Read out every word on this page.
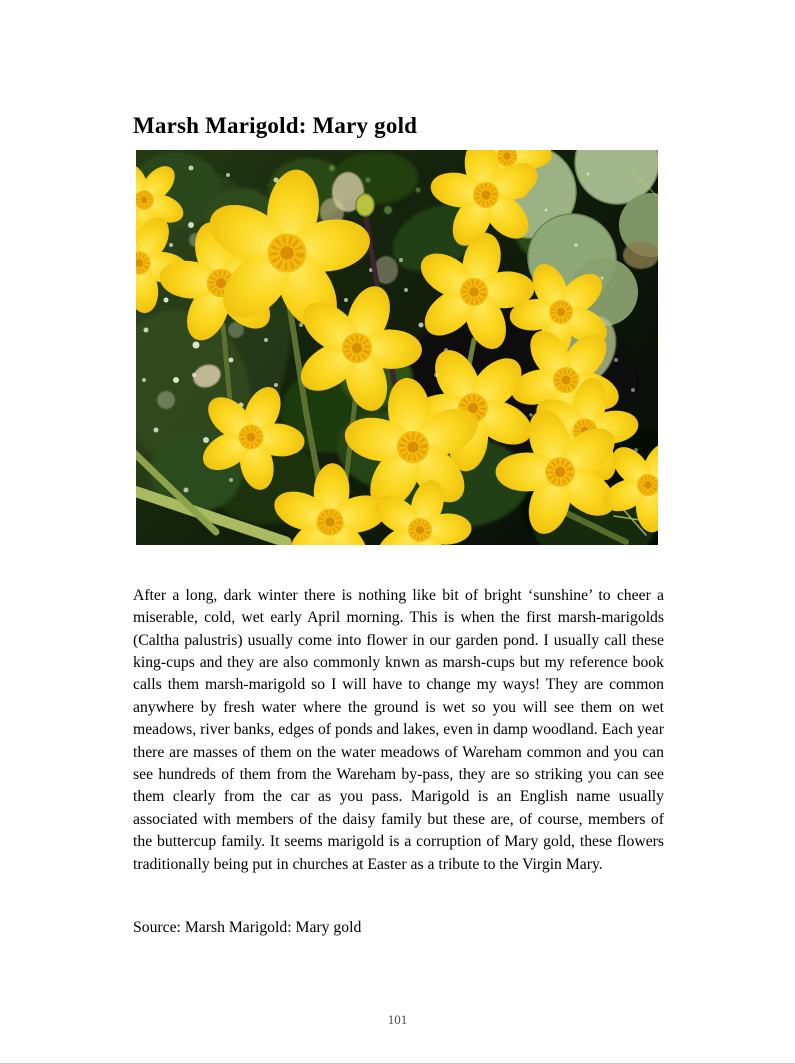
Marsh Marigold: Mary gold

After a long, dark winter there is nothing like bit of bright ‘sunshine’ to cheer a miserable, cold, wet early April morning. This is when the first marsh-marigolds (Caltha palustris) usually come into flower in our garden pond. I usually call these king-cups and they are also commonly knwn as marsh-cups but my reference book calls them marsh-marigold so I will have to change my ways! They are common anywhere by fresh water where the ground is wet so you will see them on wet meadows, river banks, edges of ponds and lakes, even in damp woodland. Each year there are masses of them on the water meadows of Wareham common and you can see hundreds of them from the Wareham by-pass, they are so striking you can see them clearly from the car as you pass. Marigold is an English name usually associated with members of the daisy family but these are, of course, members of the buttercup family. It seems marigold is a corruption of Mary gold, these flowers traditionally being put in churches at Easter as a tribute to the Virgin Mary.

Source: Marsh Marigold: Mary gold

101
